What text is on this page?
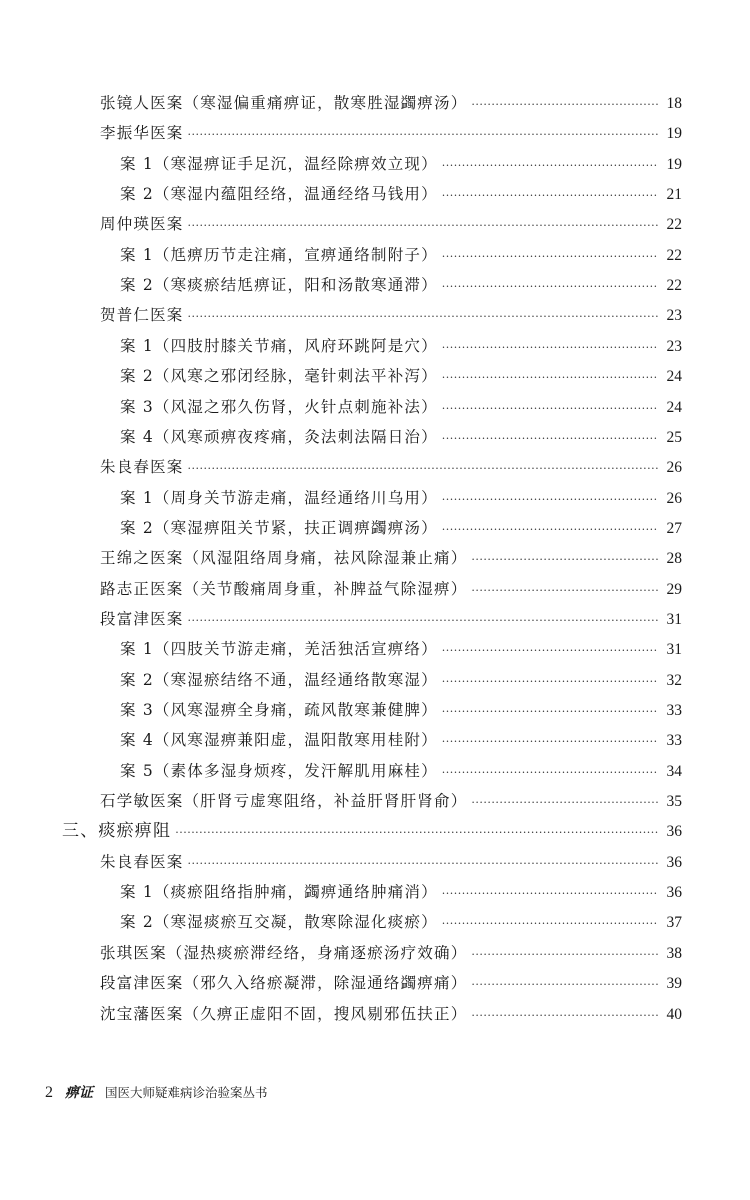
张镜人医案（寒湿偏重痛痹证，散寒胜湿蠲痹汤） ·····	18
李振华医案 ·····	19
案 1（寒湿痹证手足沉，温经除痹效立现） ·····	19
案 2（寒湿内蕴阻经络，温通经络马钱用） ·····	21
周仲瑛医案 ·····	22
案 1（尪痹历节走注痛，宣痹通络制附子） ·····	22
案 2（寒痰瘀结尪痹证，阳和汤散寒通滞） ·····	22
贺普仁医案 ·····	23
案 1（四肢肘膝关节痛，风府环跳阿是穴） ·····	23
案 2（风寒之邪闭经脉，毫针刺法平补泻） ·····	24
案 3（风湿之邪久伤肾，火针点刺施补法） ·····	24
案 4（风寒顽痹夜疼痛，灸法刺法隔日治） ·····	25
朱良春医案 ·····	26
案 1（周身关节游走痛，温经通络川乌用） ·····	26
案 2（寒湿痹阻关节紧，扶正调痹蠲痹汤） ·····	27
王绵之医案（风湿阻络周身痛，祛风除湿兼止痛） ·····	28
路志正医案（关节酸痛周身重，补脾益气除湿痹） ·····	29
段富津医案 ·····	31
案 1（四肢关节游走痛，羌活独活宣痹络） ·····	31
案 2（寒湿瘀结络不通，温经通络散寒湿） ·····	32
案 3（风寒湿痹全身痛，疏风散寒兼健脾） ·····	33
案 4（风寒湿痹兼阳虚，温阳散寒用桂附） ·····	33
案 5（素体多湿身烦疼，发汗解肌用麻桂） ·····	34
石学敏医案（肝肾亏虚寒阻络，补益肝肾肝肾俞） ·····	35
三、痰瘀痹阻 ·····	36
朱良春医案 ·····	36
案 1（痰瘀阻络指肿痛，蠲痹通络肿痛消） ·····	36
案 2（寒湿痰瘀互交凝，散寒除湿化痰瘀） ·····	37
张琪医案（湿热痰瘀滞经络，身痛逐瘀汤疗效确） ·····	38
段富津医案（邪久入络瘀凝滞，除湿通络蠲痹痛） ·····	39
沈宝藩医案（久痹正虚阳不固，搜风剔邪伍扶正） ·····	40
2 痹证 国医大师疑难病诊治验案丛书
